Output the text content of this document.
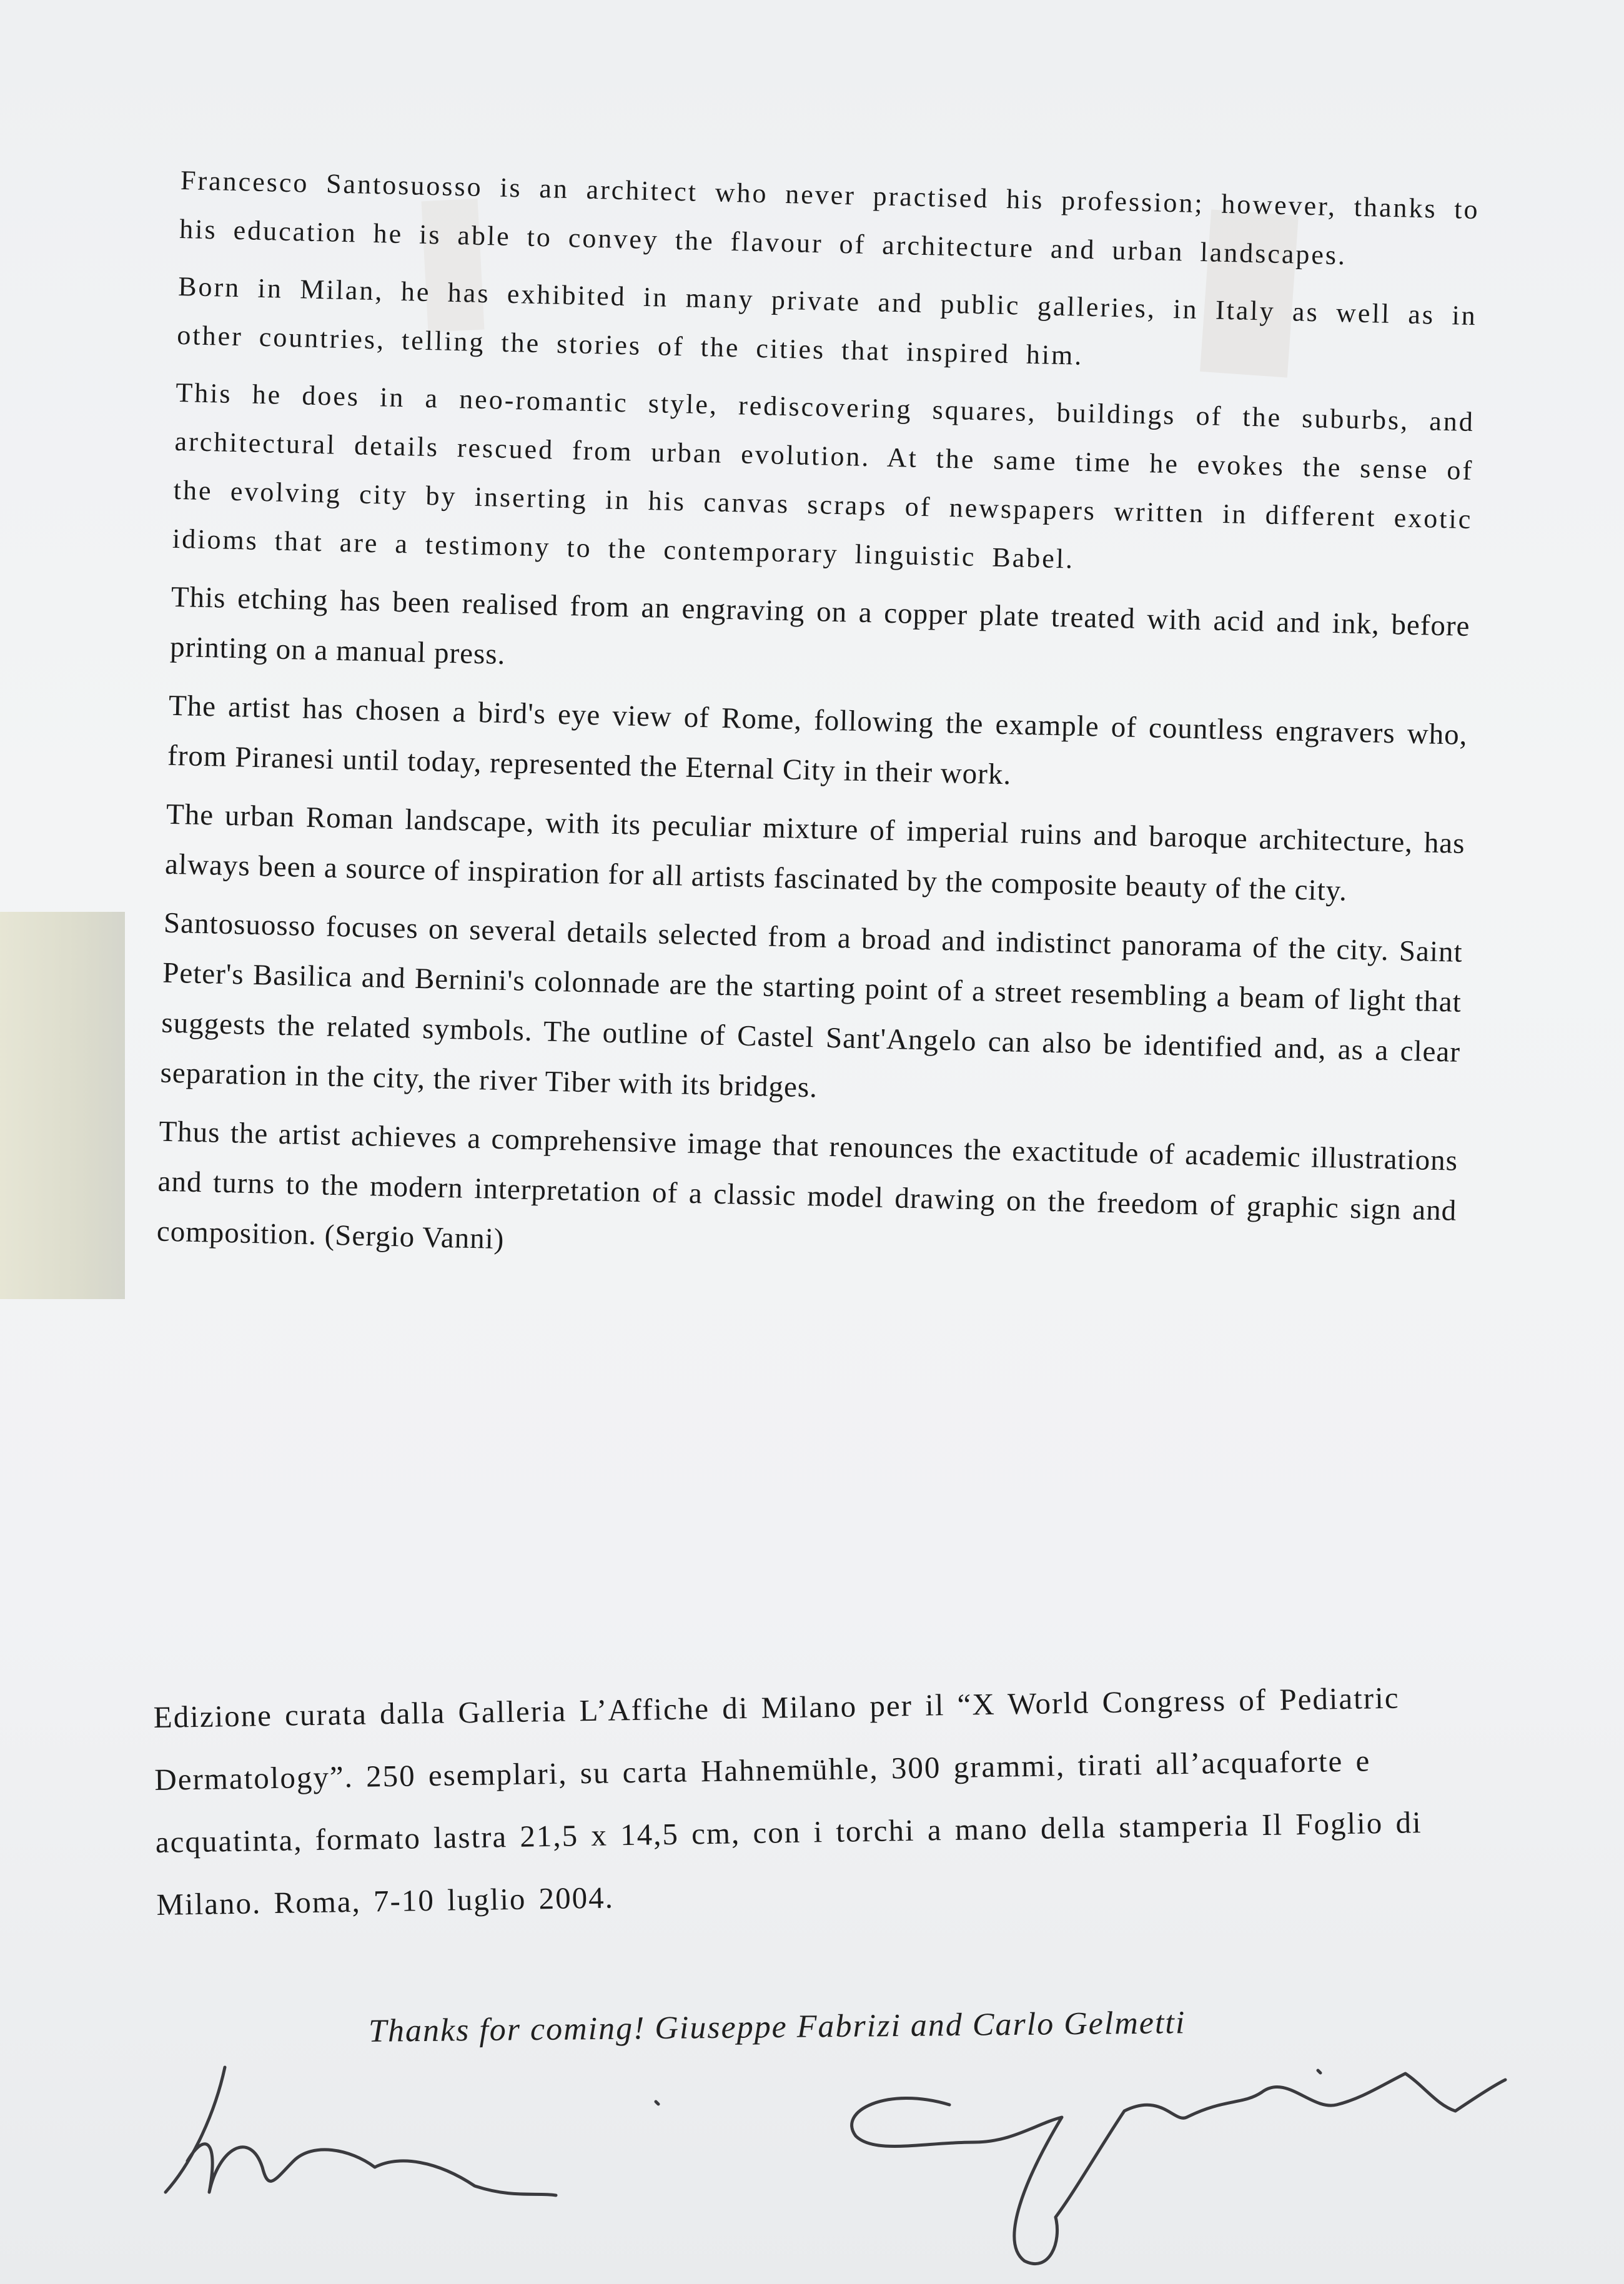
Francesco Santosuosso is an architect who never practised his profession; however, thanks to his education he is able to convey the flavour of architecture and urban landscapes.

Born in Milan, he has exhibited in many private and public galleries, in Italy as well as in other countries, telling the stories of the cities that inspired him.

This he does in a neo-romantic style, rediscovering squares, buildings of the suburbs, and architectural details rescued from urban evolution. At the same time he evokes the sense of the evolving city by inserting in his canvas scraps of newspapers written in different exotic idioms that are a testimony to the contemporary linguistic Babel.

This etching has been realised from an engraving on a copper plate treated with acid and ink, before printing on a manual press.

The artist has chosen a bird's eye view of Rome, following the example of countless engravers who, from Piranesi until today, represented the Eternal City in their work.

The urban Roman landscape, with its peculiar mixture of imperial ruins and baroque architecture, has always been a source of inspiration for all artists fascinated by the composite beauty of the city.

Santosuosso focuses on several details selected from a broad and indistinct panorama of the city. Saint Peter's Basilica and Bernini's colonnade are the starting point of a street resembling a beam of light that suggests the related symbols. The outline of Castel Sant'Angelo can also be identified and, as a clear separation in the city, the river Tiber with its bridges.

Thus the artist achieves a comprehensive image that renounces the exactitude of academic illustrations and turns to the modern interpretation of a classic model drawing on the freedom of graphic sign and composition. (Sergio Vanni)

Edizione curata dalla Galleria L’Affiche di Milano per il “X World Congress of Pediatric Dermatology”. 250 esemplari, su carta Hahnemühle, 300 grammi, tirati all’acquaforte e acquatinta, formato lastra 21,5 x 14,5 cm, con i torchi a mano della stamperia Il Foglio di Milano. Roma, 7-10 luglio 2004.

Thanks for coming! Giuseppe Fabrizi and Carlo Gelmetti
